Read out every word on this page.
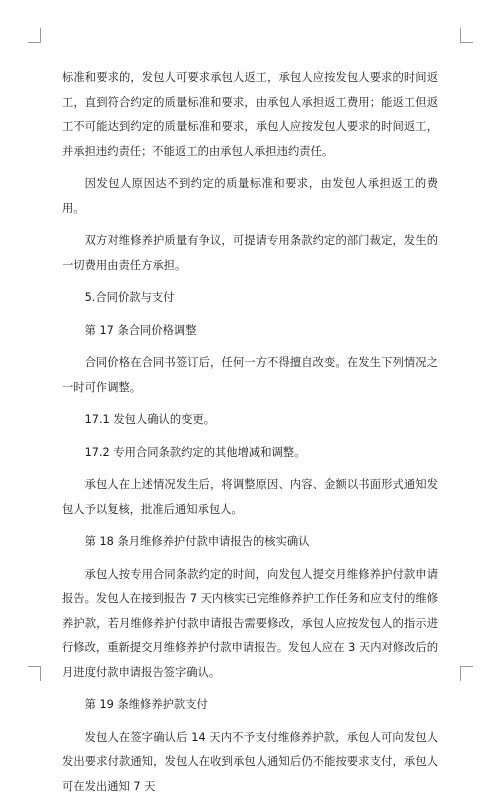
标准和要求的，发包人可要求承包人返工，承包人应按发包人要求的时间返工，直到符合约定的质量标准和要求，由承包人承担返工费用；能返工但返工不可能达到约定的质量标准和要求，承包人应按发包人要求的时间返工，并承担违约责任；不能返工的由承包人承担违约责任。

因发包人原因达不到约定的质量标准和要求，由发包人承担返工的费用。

双方对维修养护质量有争议，可提请专用条款约定的部门裁定，发生的一切费用由责任方承担。

5.合同价款与支付

第 17 条合同价格调整

合同价格在合同书签订后，任何一方不得擅自改变。在发生下列情况之一时可作调整。

17.1 发包人确认的变更。

17.2 专用合同条款约定的其他增减和调整。

承包人在上述情况发生后，将调整原因、内容、金额以书面形式通知发包人予以复核，批准后通知承包人。

第 18 条月维修养护付款申请报告的核实确认

承包人按专用合同条款约定的时间，向发包人提交月维修养护付款申请报告。发包人在接到报告 7 天内核实已完维修养护工作任务和应支付的维修养护款，若月维修养护付款申请报告需要修改，承包人应按发包人的指示进行修改，重新提交月维修养护付款申请报告。发包人应在 3 天内对修改后的月进度付款申请报告签字确认。

第 19 条维修养护款支付

发包人在签字确认后 14 天内不予支付维修养护款，承包人可向发包人发出要求付款通知，发包人在收到承包人通知后仍不能按要求支付，承包人可在发出通知 7 天
